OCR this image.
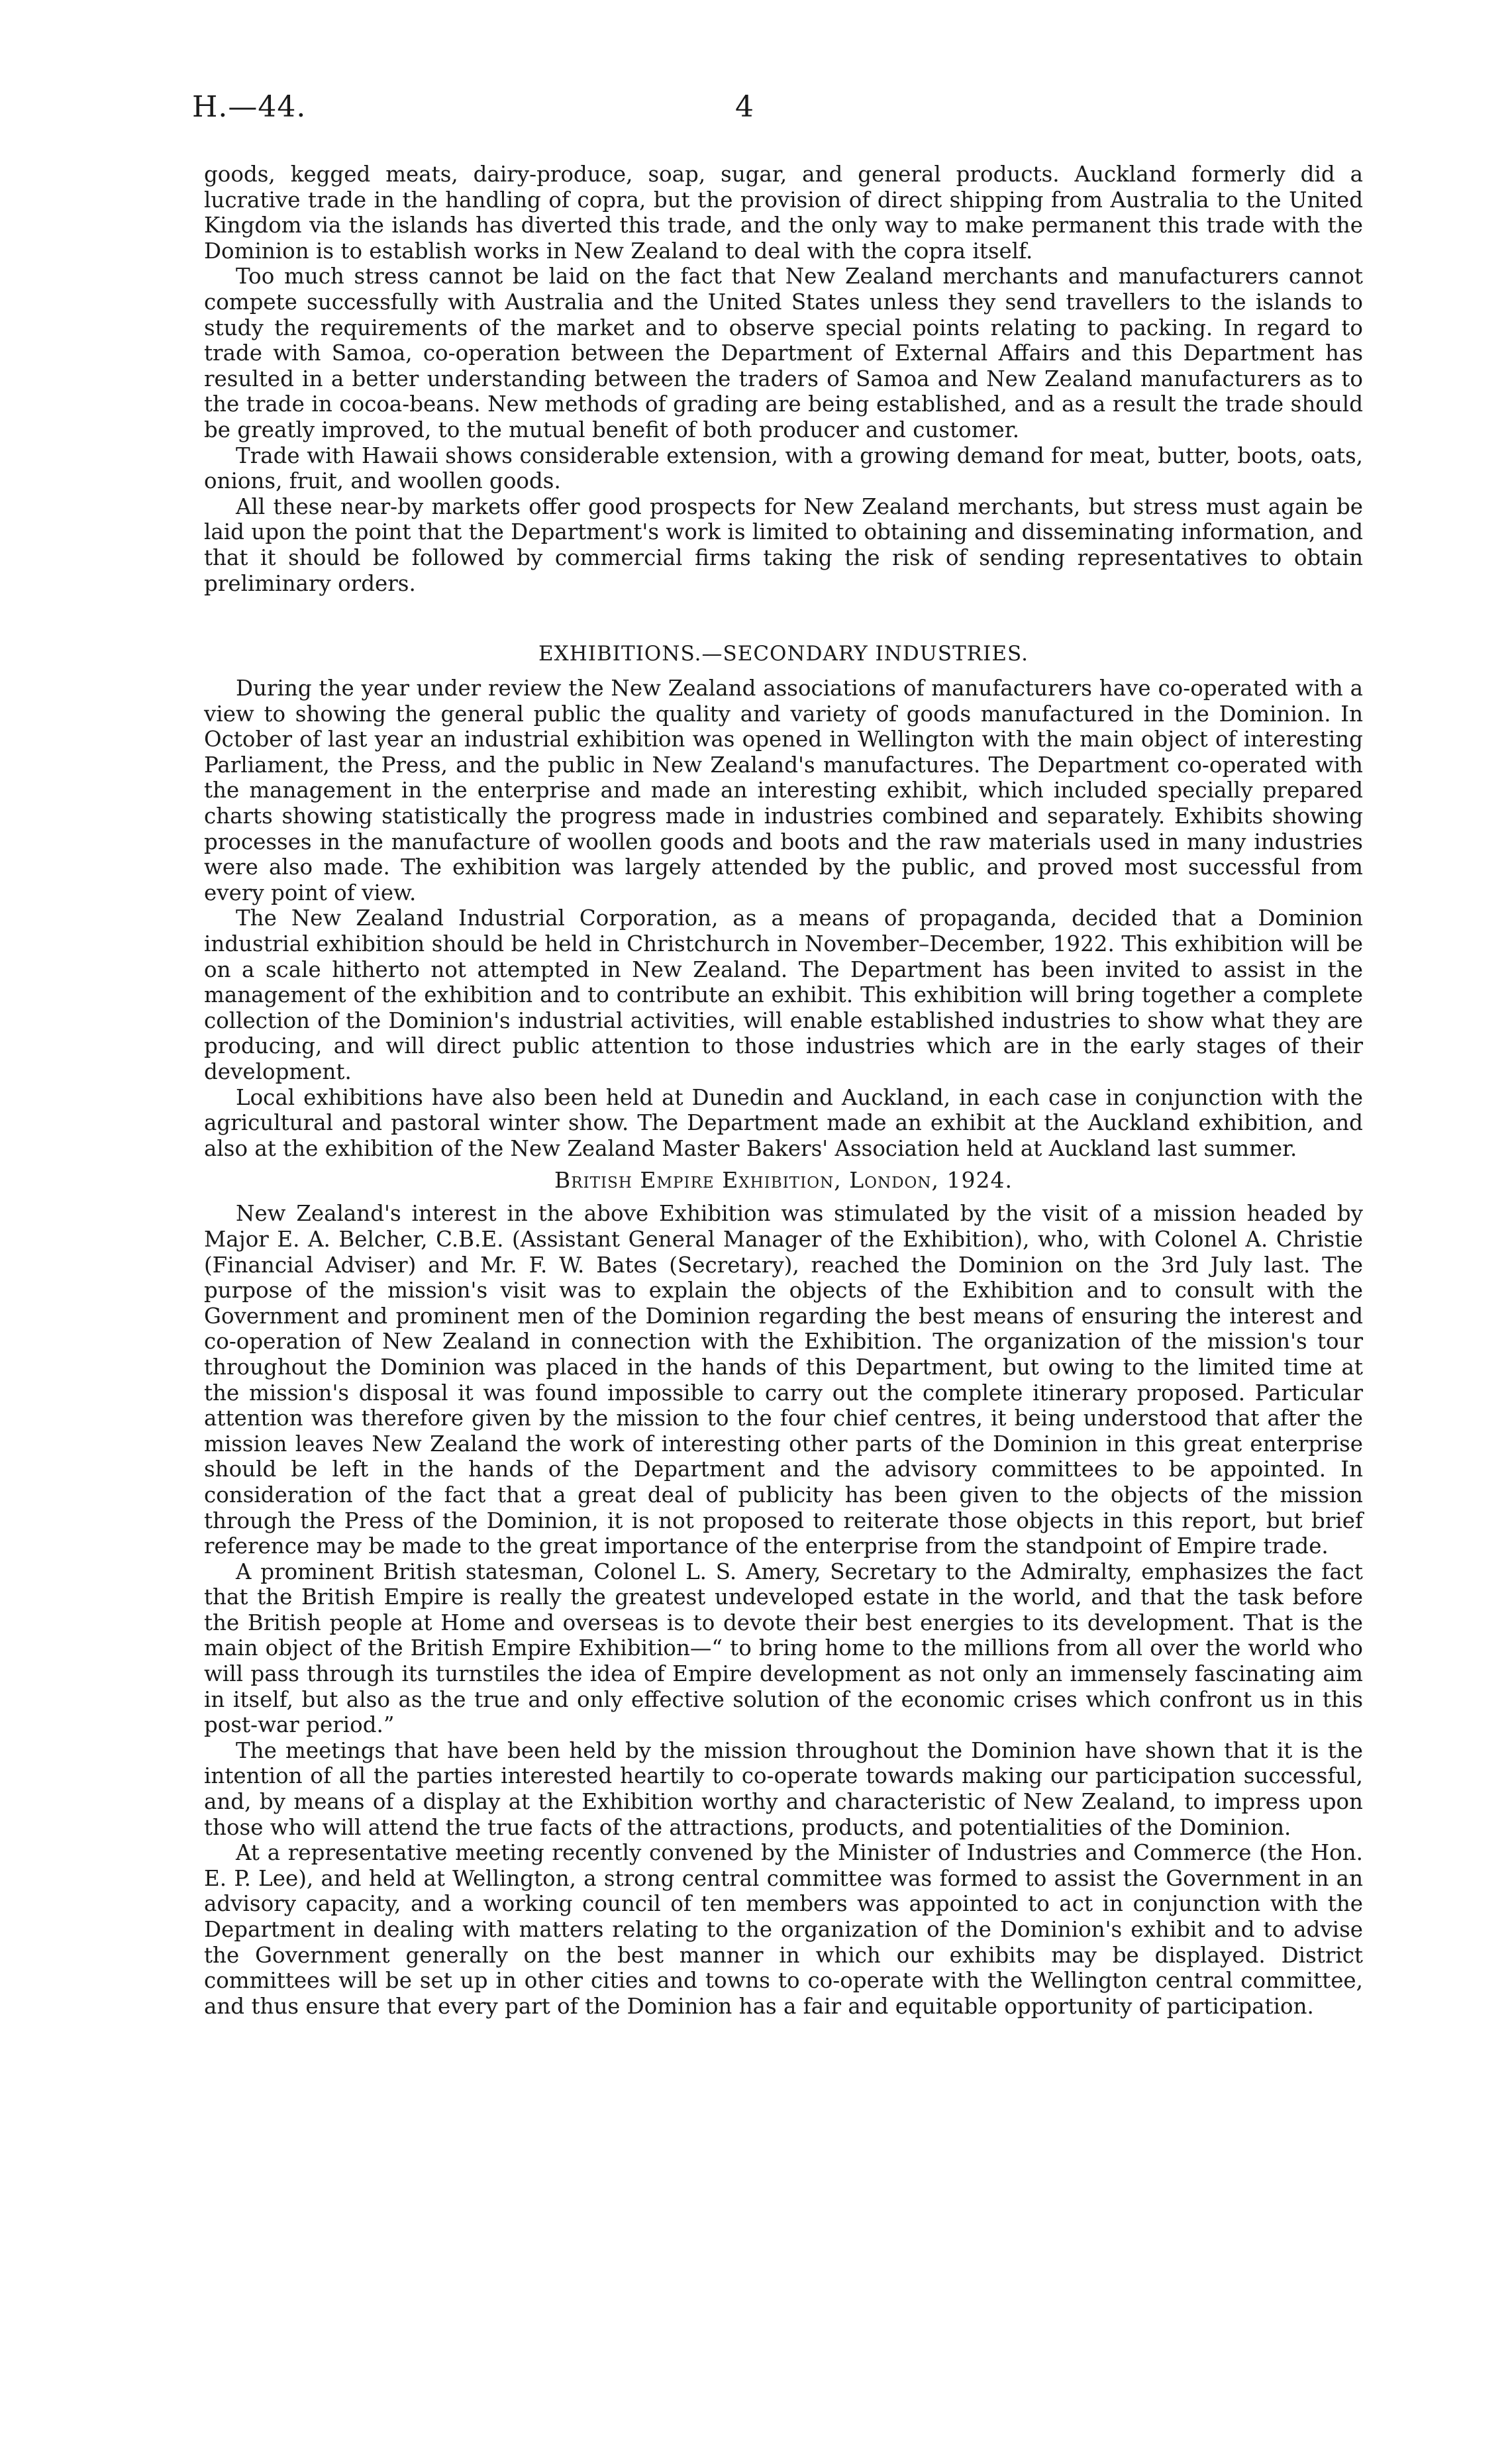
H.—44.	4

goods, kegged meats, dairy-produce, soap, sugar, and general products. Auckland formerly did a lucrative trade in the handling of copra, but the provision of direct shipping from Australia to the United Kingdom via the islands has diverted this trade, and the only way to make permanent this trade with the Dominion is to establish works in New Zealand to deal with the copra itself.

Too much stress cannot be laid on the fact that New Zealand merchants and manufacturers cannot compete successfully with Australia and the United States unless they send travellers to the islands to study the requirements of the market and to observe special points relating to packing. In regard to trade with Samoa, co-operation between the Department of External Affairs and this Department has resulted in a better understanding between the traders of Samoa and New Zealand manufacturers as to the trade in cocoa-beans. New methods of grading are being established, and as a result the trade should be greatly improved, to the mutual benefit of both producer and customer.

Trade with Hawaii shows considerable extension, with a growing demand for meat, butter, boots, oats, onions, fruit, and woollen goods.

All these near-by markets offer good prospects for New Zealand merchants, but stress must again be laid upon the point that the Department's work is limited to obtaining and disseminating information, and that it should be followed by commercial firms taking the risk of sending representatives to obtain preliminary orders.

EXHIBITIONS.—SECONDARY INDUSTRIES.

During the year under review the New Zealand associations of manufacturers have co-operated with a view to showing the general public the quality and variety of goods manufactured in the Dominion. In October of last year an industrial exhibition was opened in Wellington with the main object of interesting Parliament, the Press, and the public in New Zealand's manufactures. The Department co-operated with the management in the enterprise and made an interesting exhibit, which included specially prepared charts showing statistically the progress made in industries combined and separately. Exhibits showing processes in the manufacture of woollen goods and boots and the raw materials used in many industries were also made. The exhibition was largely attended by the public, and proved most successful from every point of view.

The New Zealand Industrial Corporation, as a means of propaganda, decided that a Dominion industrial exhibition should be held in Christchurch in November–December, 1922. This exhibition will be on a scale hitherto not attempted in New Zealand. The Department has been invited to assist in the management of the exhibition and to contribute an exhibit. This exhibition will bring together a complete collection of the Dominion's industrial activities, will enable established industries to show what they are producing, and will direct public attention to those industries which are in the early stages of their development.

Local exhibitions have also been held at Dunedin and Auckland, in each case in conjunction with the agricultural and pastoral winter show. The Department made an exhibit at the Auckland exhibition, and also at the exhibition of the New Zealand Master Bakers' Association held at Auckland last summer.

British Empire Exhibition, London, 1924.

New Zealand's interest in the above Exhibition was stimulated by the visit of a mission headed by Major E. A. Belcher, C.B.E. (Assistant General Manager of the Exhibition), who, with Colonel A. Christie (Financial Adviser) and Mr. F. W. Bates (Secretary), reached the Dominion on the 3rd July last. The purpose of the mission's visit was to explain the objects of the Exhibition and to consult with the Government and prominent men of the Dominion regarding the best means of ensuring the interest and co-operation of New Zealand in connection with the Exhibition. The organization of the mission's tour throughout the Dominion was placed in the hands of this Department, but owing to the limited time at the mission's disposal it was found impossible to carry out the complete itinerary proposed. Particular attention was therefore given by the mission to the four chief centres, it being understood that after the mission leaves New Zealand the work of interesting other parts of the Dominion in this great enterprise should be left in the hands of the Department and the advisory committees to be appointed. In consideration of the fact that a great deal of publicity has been given to the objects of the mission through the Press of the Dominion, it is not proposed to reiterate those objects in this report, but brief reference may be made to the great importance of the enterprise from the standpoint of Empire trade.

A prominent British statesman, Colonel L. S. Amery, Secretary to the Admiralty, emphasizes the fact that the British Empire is really the greatest undeveloped estate in the world, and that the task before the British people at Home and overseas is to devote their best energies to its development. That is the main object of the British Empire Exhibition—“ to bring home to the millions from all over the world who will pass through its turnstiles the idea of Empire development as not only an immensely fascinating aim in itself, but also as the true and only effective solution of the economic crises which confront us in this post-war period.”

The meetings that have been held by the mission throughout the Dominion have shown that it is the intention of all the parties interested heartily to co-operate towards making our participation successful, and, by means of a display at the Exhibition worthy and characteristic of New Zealand, to impress upon those who will attend the true facts of the attractions, products, and potentialities of the Dominion.

At a representative meeting recently convened by the Minister of Industries and Commerce (the Hon. E. P. Lee), and held at Wellington, a strong central committee was formed to assist the Government in an advisory capacity, and a working council of ten members was appointed to act in conjunction with the Department in dealing with matters relating to the organization of the Dominion's exhibit and to advise the Government generally on the best manner in which our exhibits may be displayed. District committees will be set up in other cities and towns to co-operate with the Wellington central committee, and thus ensure that every part of the Dominion has a fair and equitable opportunity of participation.
